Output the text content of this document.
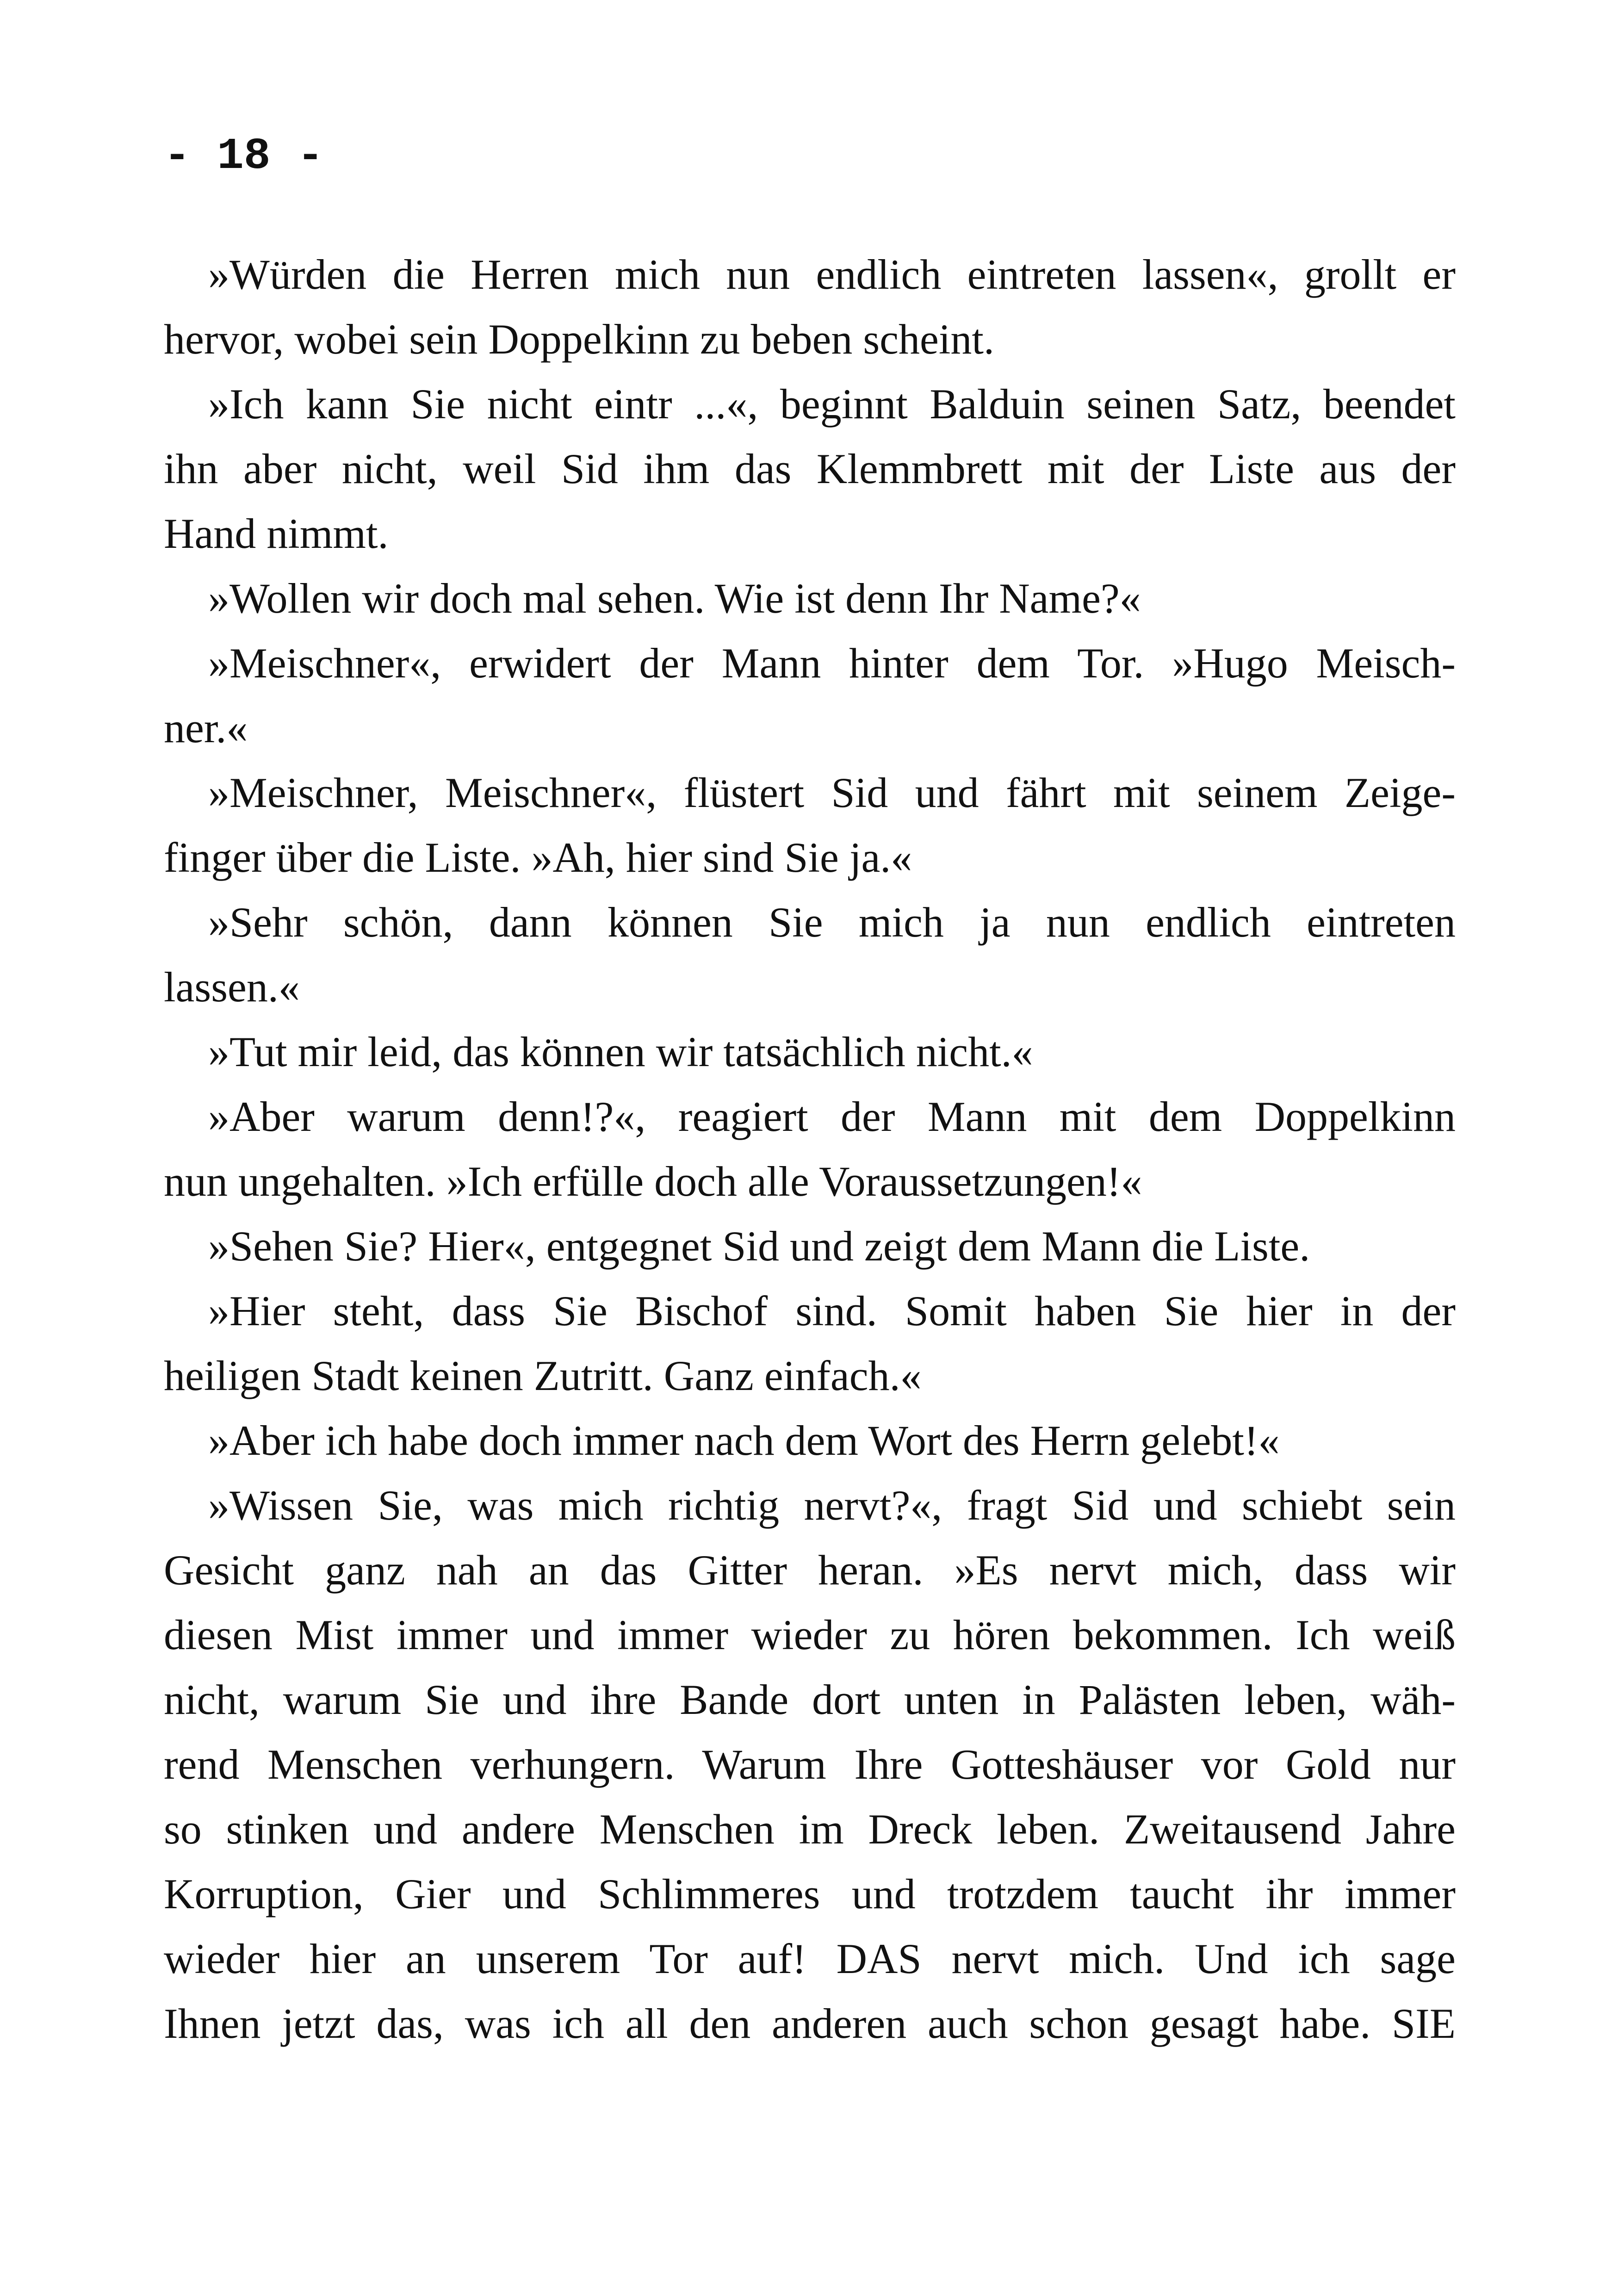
- 18 -
»Würden die Herren mich nun endlich eintreten lassen«, grollt er
hervor, wobei sein Doppelkinn zu beben scheint.
»Ich kann Sie nicht eintr ...«, beginnt Balduin seinen Satz, beendet
ihn aber nicht, weil Sid ihm das Klemmbrett mit der Liste aus der
Hand nimmt.
»Wollen wir doch mal sehen. Wie ist denn Ihr Name?«
»Meischner«, erwidert der Mann hinter dem Tor. »Hugo Meisch-
ner.«
»Meischner, Meischner«, flüstert Sid und fährt mit seinem Zeige-
finger über die Liste. »Ah, hier sind Sie ja.«
»Sehr schön, dann können Sie mich ja nun endlich eintreten
lassen.«
»Tut mir leid, das können wir tatsächlich nicht.«
»Aber warum denn!?«, reagiert der Mann mit dem Doppelkinn
nun ungehalten. »Ich erfülle doch alle Voraussetzungen!«
»Sehen Sie? Hier«, entgegnet Sid und zeigt dem Mann die Liste.
»Hier steht, dass Sie Bischof sind. Somit haben Sie hier in der
heiligen Stadt keinen Zutritt. Ganz einfach.«
»Aber ich habe doch immer nach dem Wort des Herrn gelebt!«
»Wissen Sie, was mich richtig nervt?«, fragt Sid und schiebt sein
Gesicht ganz nah an das Gitter heran. »Es nervt mich, dass wir
diesen Mist immer und immer wieder zu hören bekommen. Ich weiß
nicht, warum Sie und ihre Bande dort unten in Palästen leben, wäh-
rend Menschen verhungern. Warum Ihre Gotteshäuser vor Gold nur
so stinken und andere Menschen im Dreck leben. Zweitausend Jahre
Korruption, Gier und Schlimmeres und trotzdem taucht ihr immer
wieder hier an unserem Tor auf! DAS nervt mich. Und ich sage
Ihnen jetzt das, was ich all den anderen auch schon gesagt habe. SIE
